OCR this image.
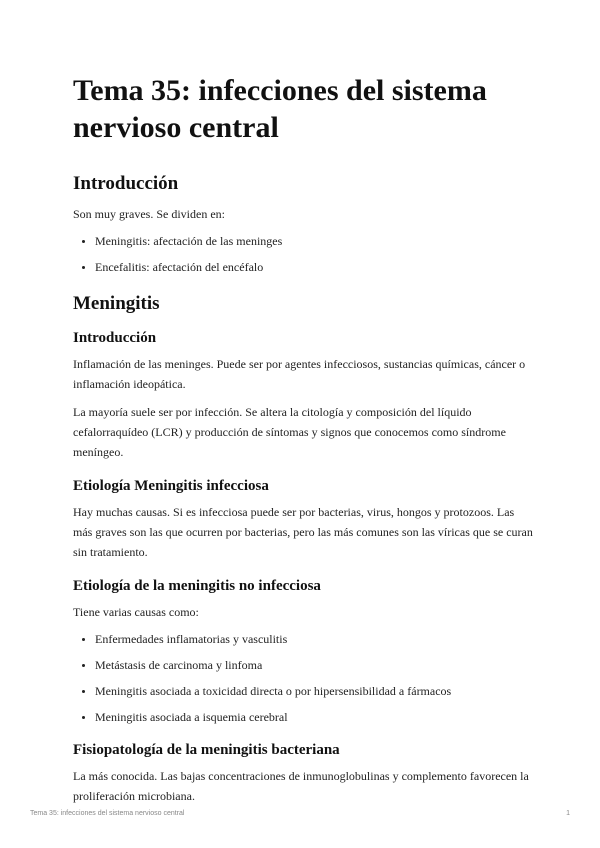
Tema 35: infecciones del sistema nervioso central
Introducción

Son muy graves. Se dividen en:

• Meningitis: afectación de las meninges
• Encefalitis: afectación del encéfalo
Meningitis
Introducción

Inflamación de las meninges. Puede ser por agentes infecciosos, sustancias químicas, cáncer o inflamación ideopática.

La mayoría suele ser por infección. Se altera la citología y composición del líquido cefalorraquídeo (LCR) y producción de síntomas y signos que conocemos como síndrome meníngeo.

Etiología Meningitis infecciosa

Hay muchas causas. Si es infecciosa puede ser por bacterias, virus, hongos y protozoos. Las más graves son las que ocurren por bacterias, pero las más comunes son las víricas que se curan sin tratamiento.

Etiología de la meningitis no infecciosa

Tiene varias causas como:

• Enfermedades inflamatorias y vasculitis
• Metástasis de carcinoma y linfoma
• Meningitis asociada a toxicidad directa o por hipersensibilidad a fármacos
• Meningitis asociada a isquemia cerebral
Fisiopatología de la meningitis bacteriana

La más conocida. Las bajas concentraciones de inmunoglobulinas y complemento favorecen la proliferación microbiana.

Tema 35: infecciones del sistema nervioso central	1
